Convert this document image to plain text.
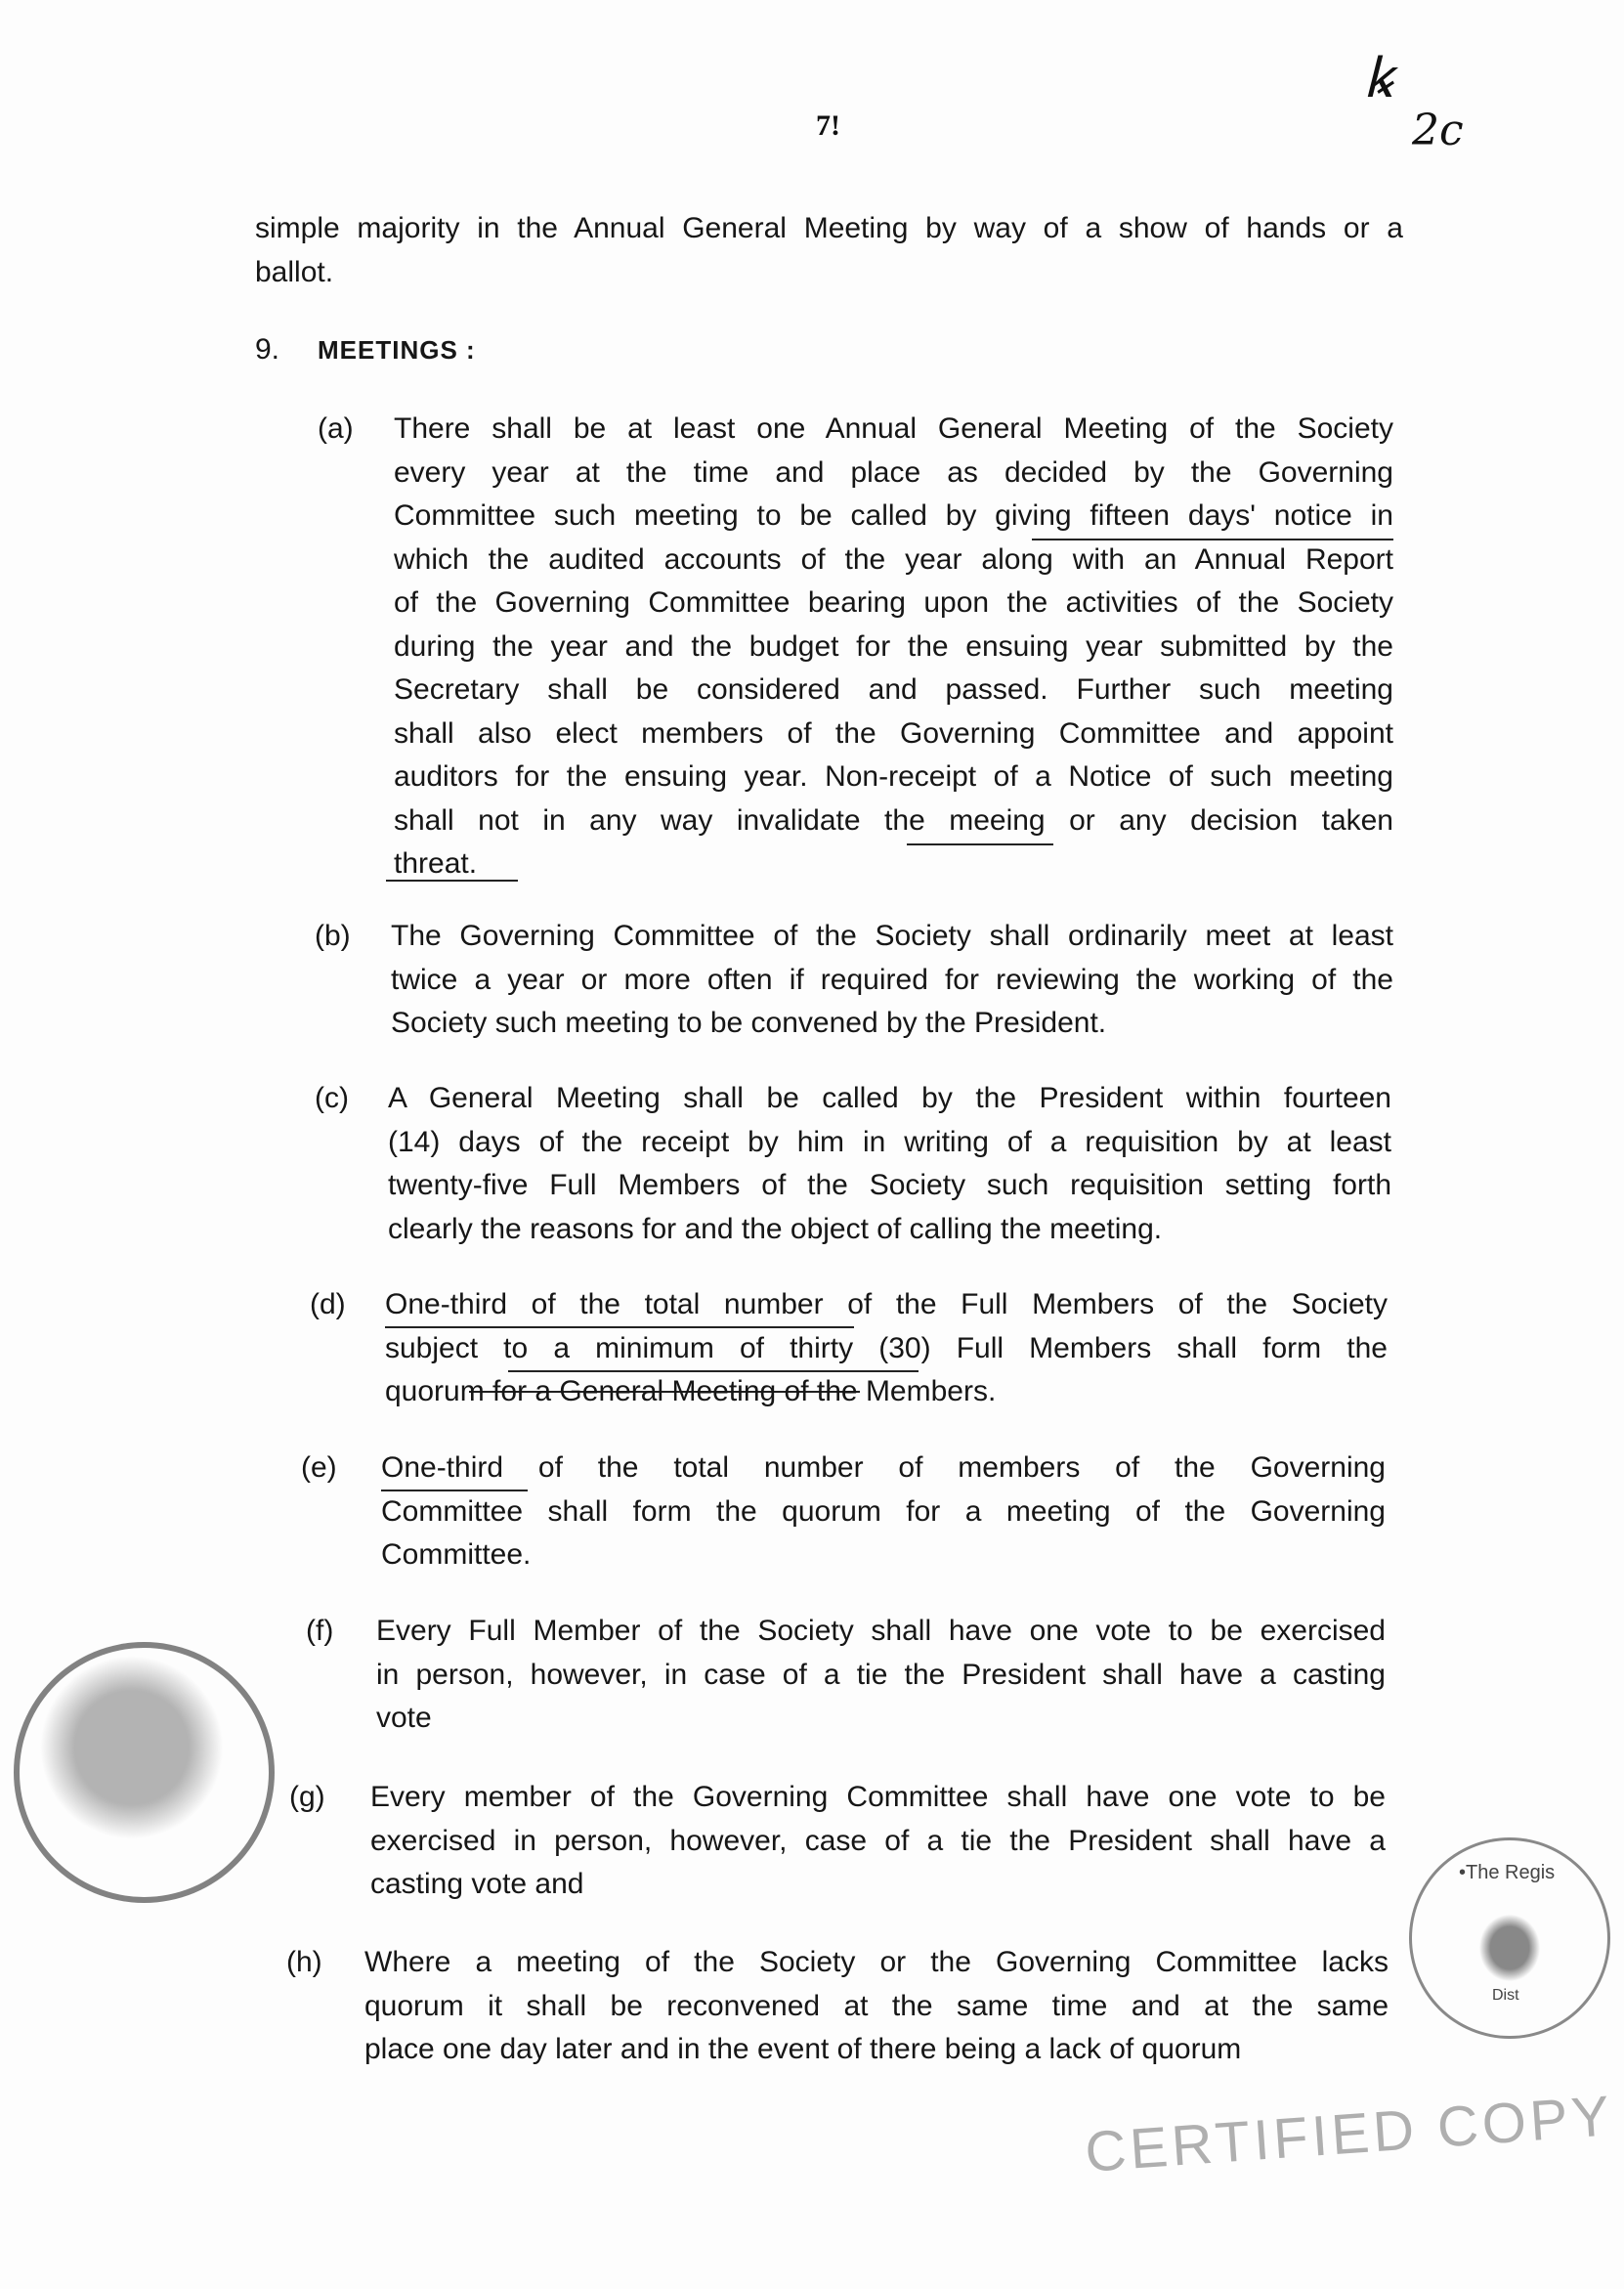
•The Regis
Dist
CERTIFIED COPY
ꝃ
2c
7!
9. MEETINGS :
simple majority in the Annual General Meeting by way of a show of hands or a
ballot.
(a) There shall be at least one Annual General Meeting of the Society
every year at the time and place as decided by the Governing
Committee such meeting to be called by giving fifteen days' notice in
which the audited accounts of the year along with an Annual Report
of the Governing Committee bearing upon the activities of the Society
during the year and the budget for the ensuing year submitted by the
Secretary shall be considered and passed. Further such meeting
shall also elect members of the Governing Committee and appoint
auditors for the ensuing year. Non-receipt of a Notice of such meeting
shall not in any way invalidate the meeing or any decision taken
threat.
(b) The Governing Committee of the Society shall ordinarily meet at least
twice a year or more often if required for reviewing the working of the
Society such meeting to be convened by the President.
(c) A General Meeting shall be called by the President within fourteen
(14) days of the receipt by him in writing of a requisition by at least
twenty-five Full Members of the Society such requisition setting forth
clearly the reasons for and the object of calling the meeting.
(d) One-third of the total number of the Full Members of the Society
subject to a minimum of thirty (30) Full Members shall form the
quorum for a General Meeting of the Members.
(e) One-third of the total number of members of the Governing
Committee shall form the quorum for a meeting of the Governing
Committee.
(f) Every Full Member of the Society shall have one vote to be exercised
in person, however, in case of a tie the President shall have a casting
vote
(g) Every member of the Governing Committee shall have one vote to be
exercised in person, however, case of a tie the President shall have a
casting vote and
(h) Where a meeting of the Society or the Governing Committee lacks
quorum it shall be reconvened at the same time and at the same
place one day later and in the event of there being a lack of quorum
